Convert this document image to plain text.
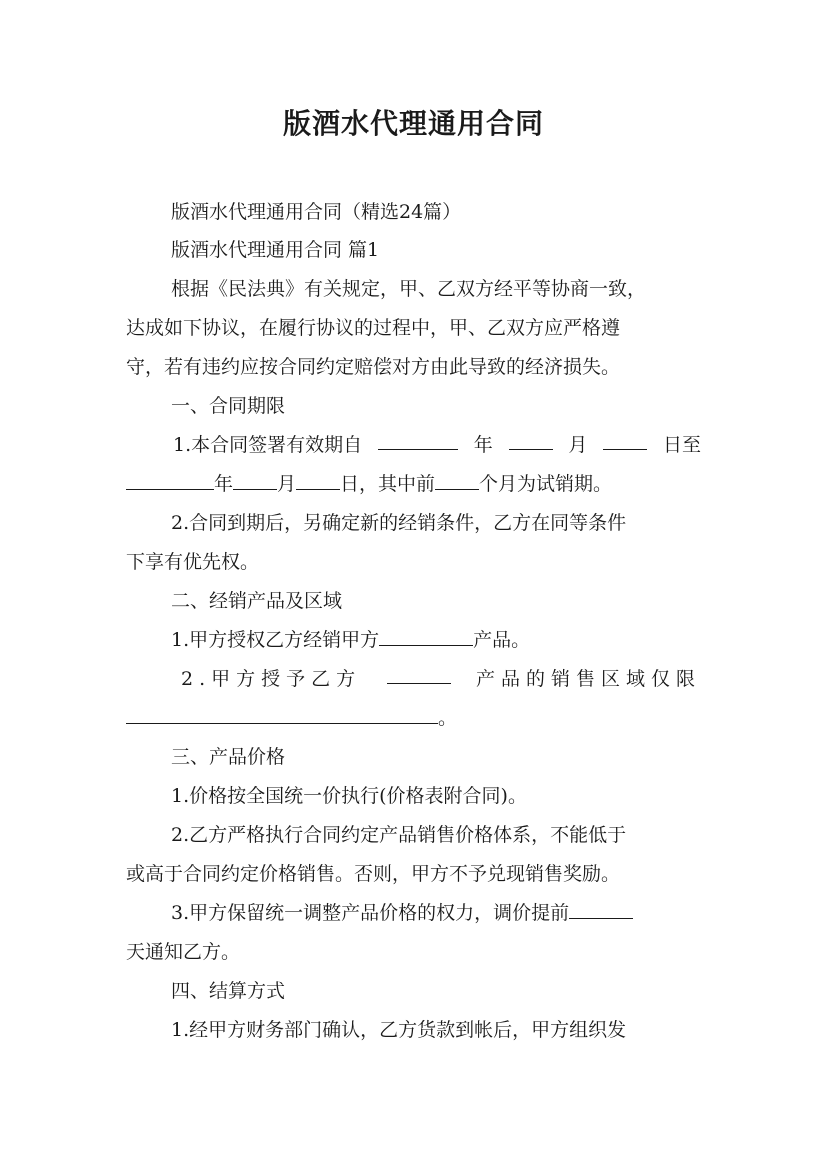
版酒水代理通用合同
版酒水代理通用合同（精选24篇）
版酒水代理通用合同 篇1
根据《民法典》有关规定，甲、乙双方经平等协商一致，
达成如下协议，在履行协议的过程中，甲、乙双方应严格遵
守，若有违约应按合同约定赔偿对方由此导致的经济损失。
一、合同期限
1.本合同签署有效期自	年	月	日至
年 月 日，其中前 个月为试销期。
2.合同到期后，另确定新的经销条件，乙方在同等条件
下享有优先权。
二、经销产品及区域
1.甲方授权乙方经销甲方	产品。
2.甲方授予乙方	产品的销售区域仅限
。
三、产品价格
1.价格按全国统一价执行(价格表附合同)。
2.乙方严格执行合同约定产品销售价格体系，不能低于
或高于合同约定价格销售。否则，甲方不予兑现销售奖励。
3.甲方保留统一调整产品价格的权力，调价提前
天通知乙方。
四、结算方式
1.经甲方财务部门确认，乙方货款到帐后，甲方组织发
